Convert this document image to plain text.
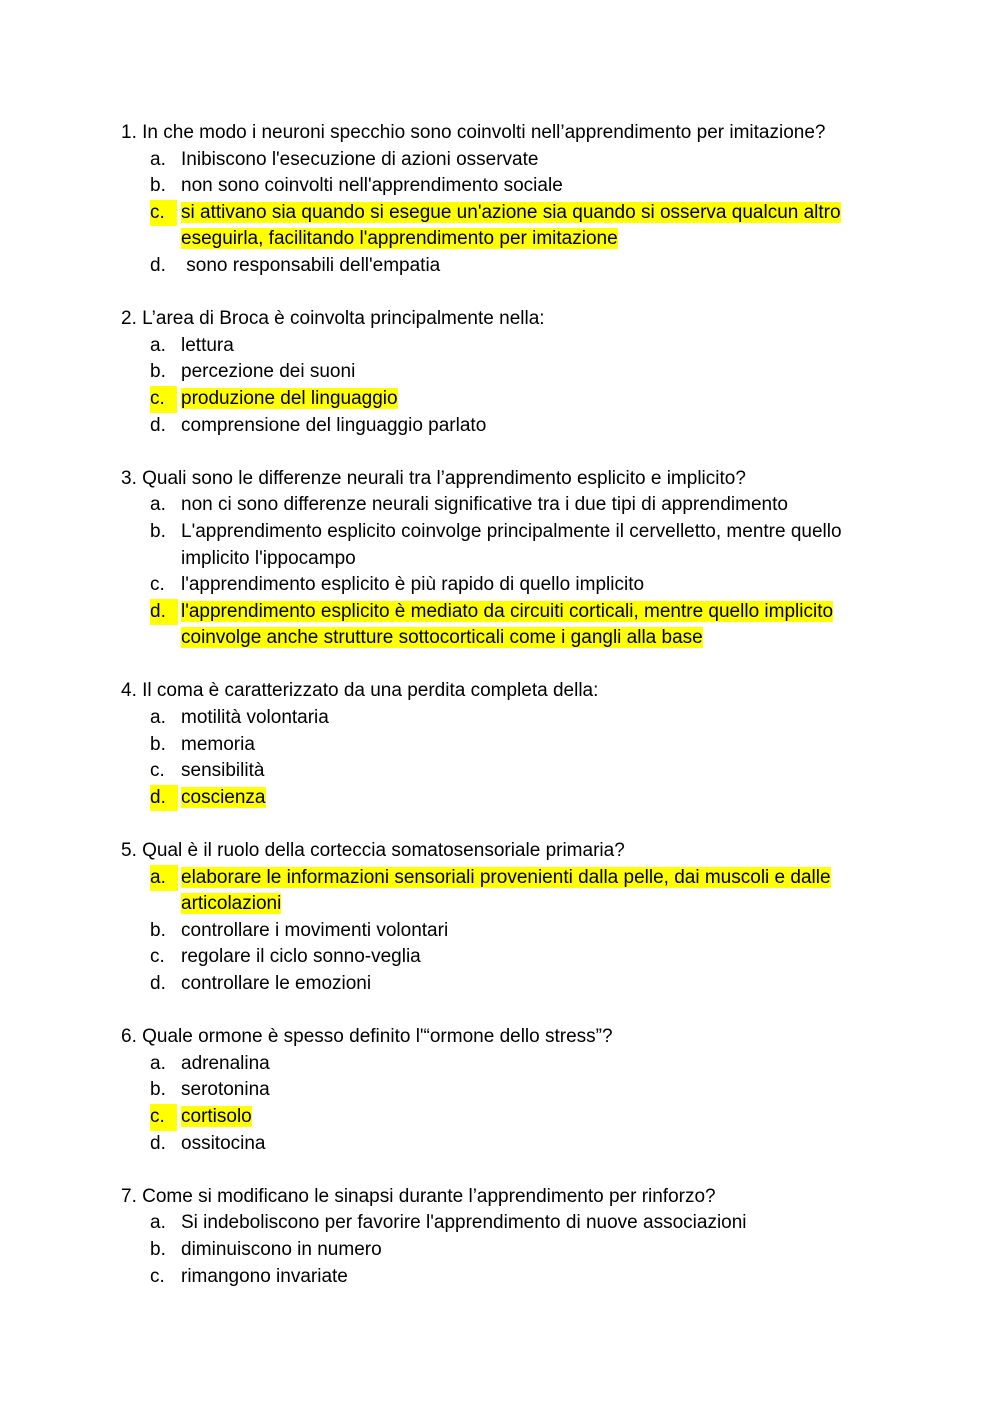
1. In che modo i neuroni specchio sono coinvolti nell’apprendimento per imitazione?
a. Inibiscono l'esecuzione di azioni osservate
b. non sono coinvolti nell'apprendimento sociale
c. si attivano sia quando si esegue un'azione sia quando si osserva qualcun altro eseguirla, facilitando l'apprendimento per imitazione
d. sono responsabili dell'empatia
2. L’area di Broca è coinvolta principalmente nella:
a. lettura
b. percezione dei suoni
c. produzione del linguaggio
d. comprensione del linguaggio parlato
3. Quali sono le differenze neurali tra l’apprendimento esplicito e implicito?
a. non ci sono differenze neurali significative tra i due tipi di apprendimento
b. L'apprendimento esplicito coinvolge principalmente il cervelletto, mentre quello implicito l'ippocampo
c. l'apprendimento esplicito è più rapido di quello implicito
d. l'apprendimento esplicito è mediato da circuiti corticali, mentre quello implicito coinvolge anche strutture sottocorticali come i gangli alla base
4. Il coma è caratterizzato da una perdita completa della:
a. motilità volontaria
b. memoria
c. sensibilità
d. coscienza
5. Qual è il ruolo della corteccia somatosensoriale primaria?
a. elaborare le informazioni sensoriali provenienti dalla pelle, dai muscoli e dalle articolazioni
b. controllare i movimenti volontari
c. regolare il ciclo sonno-veglia
d. controllare le emozioni
6. Quale ormone è spesso definito l'“ormone dello stress”?
a. adrenalina
b. serotonina
c. cortisolo
d. ossitocina
7. Come si modificano le sinapsi durante l’apprendimento per rinforzo?
a. Si indeboliscono per favorire l'apprendimento di nuove associazioni
b. diminuiscono in numero
c. rimangono invariate
